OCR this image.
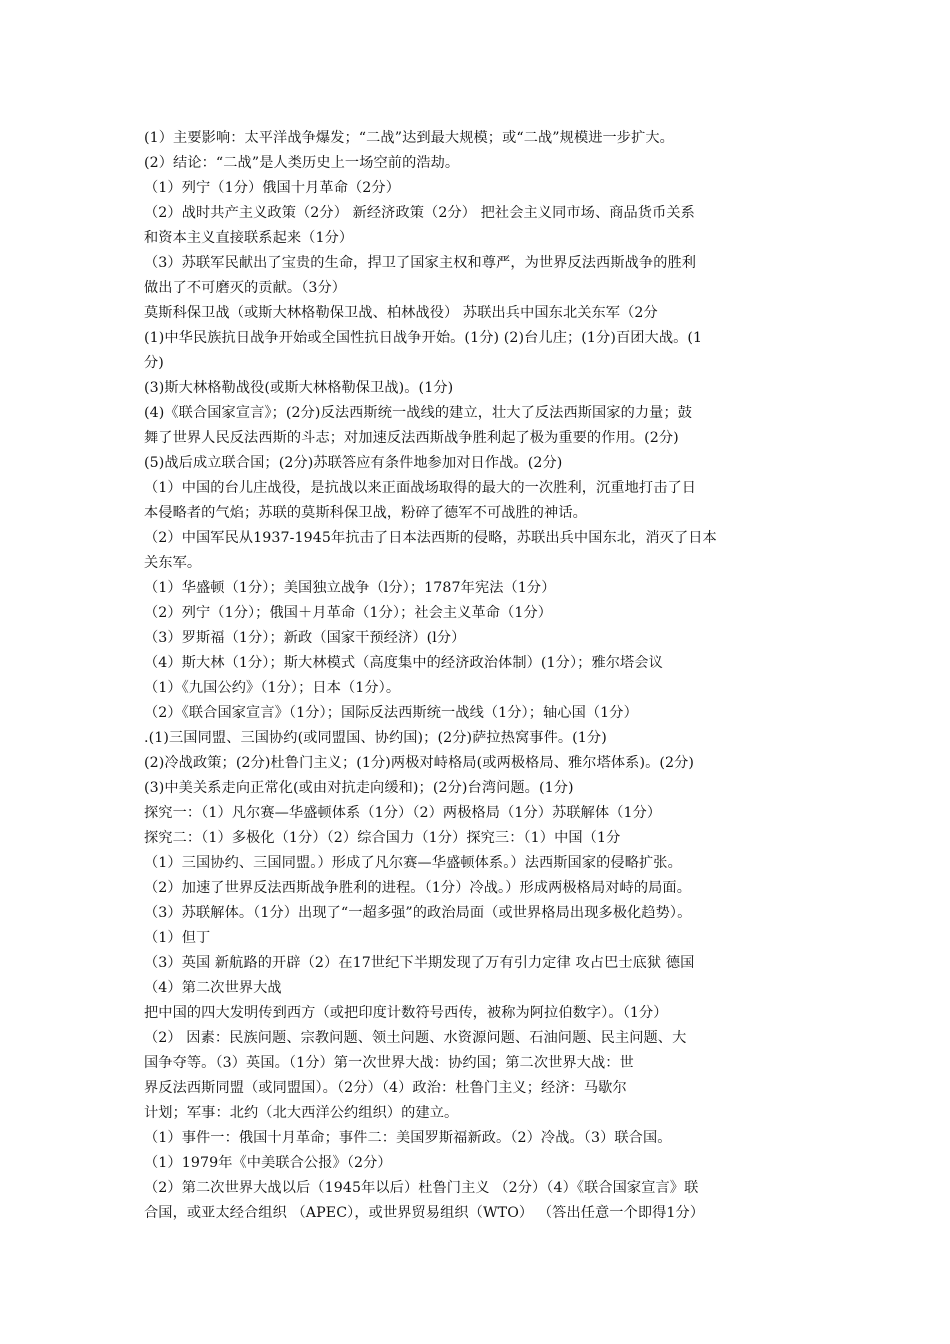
(1）主要影响：太平洋战争爆发；“二战”达到最大规模；或“二战”规模进一步扩大。
(2）结论：“二战”是人类历史上一场空前的浩劫。
（1）列宁（1分）俄国十月革命（2分）
（2）战时共产主义政策（2分） 新经济政策（2分） 把社会主义同市场、商品货币关系
和资本主义直接联系起来（1分）
（3）苏联军民献出了宝贵的生命，捍卫了国家主权和尊严，为世界反法西斯战争的胜利
做出了不可磨灭的贡献。（3分）
莫斯科保卫战（或斯大林格勒保卫战、柏林战役） 苏联出兵中国东北关东军（2分
(1)中华民族抗日战争开始或全国性抗日战争开始。(1分) (2)台儿庄；(1分)百团大战。(1
分)
(3)斯大林格勒战役(或斯大林格勒保卫战)。(1分)
(4)《联合国家宣言》；(2分)反法西斯统一战线的建立，壮大了反法西斯国家的力量；鼓
舞了世界人民反法西斯的斗志；对加速反法西斯战争胜利起了极为重要的作用。(2分)
(5)战后成立联合国；(2分)苏联答应有条件地参加对日作战。(2分)
（1）中国的台儿庄战役，是抗战以来正面战场取得的最大的一次胜利，沉重地打击了日
本侵略者的气焰；苏联的莫斯科保卫战，粉碎了德军不可战胜的神话。
（2）中国军民从1937-1945年抗击了日本法西斯的侵略，苏联出兵中国东北，消灭了日本
关东军。
（1）华盛顿（1分）；美国独立战争（l分）；1787年宪法（1分）
（2）列宁（1分）；俄国＋月革命（1分）；社会主义革命（1分）
（3）罗斯福（1分）；新政（国家干预经济）(l分）
（4）斯大林（1分）；斯大林模式（高度集中的经济政治体制）(1分）；雅尔塔会议
（1）《九国公约》（1分）；日本（1分）。
（2）《联合国家宣言》（1分）；国际反法西斯统一战线（1分）；轴心国（1分）
.(1)三国同盟、三国协约(或同盟国、协约国)；(2分)萨拉热窝事件。(1分)
(2)冷战政策；(2分)杜鲁门主义；(1分)两极对峙格局(或两极格局、雅尔塔体系)。(2分)
(3)中美关系走向正常化(或由对抗走向缓和)；(2分)台湾问题。(1分)
探究一：（1）凡尔赛—华盛顿体系（1分）（2）两极格局（1分）苏联解体（1分）
探究二：（1）多极化（1分）（2）综合国力（1分）探究三：（1）中国（1分
（1）三国协约、三国同盟。）形成了凡尔赛—华盛顿体系。）法西斯国家的侵略扩张。
（2）加速了世界反法西斯战争胜利的进程。（1分）冷战。）形成两极格局对峙的局面。
（3）苏联解体。（1分）出现了“一超多强”的政治局面（或世界格局出现多极化趋势）。
（1）但丁
（3）英国 新航路的开辟（2）在17世纪下半期发现了万有引力定律 攻占巴士底狱 德国
（4）第二次世界大战
把中国的四大发明传到西方（或把印度计数符号西传，被称为阿拉伯数字）。（1分）
（2） 因素：民族问题、宗教问题、领土问题、水资源问题、石油问题、民主问题、大
国争夺等。（3）英国。（1分）第一次世界大战：协约国；第二次世界大战：世
界反法西斯同盟（或同盟国）。（2分）（4）政治：杜鲁门主义；经济：马歇尔
计划；军事：北约（北大西洋公约组织）的建立。
（1）事件一：俄国十月革命；事件二：美国罗斯福新政。（2）冷战。（3）联合国。
（1）1979年《中美联合公报》（2分）
（2）第二次世界大战以后（1945年以后）杜鲁门主义 （2分）（4）《联合国家宣言》联
合国，或亚太经合组织 （APEC），或世界贸易组织（WTO） （答出任意一个即得1分）
